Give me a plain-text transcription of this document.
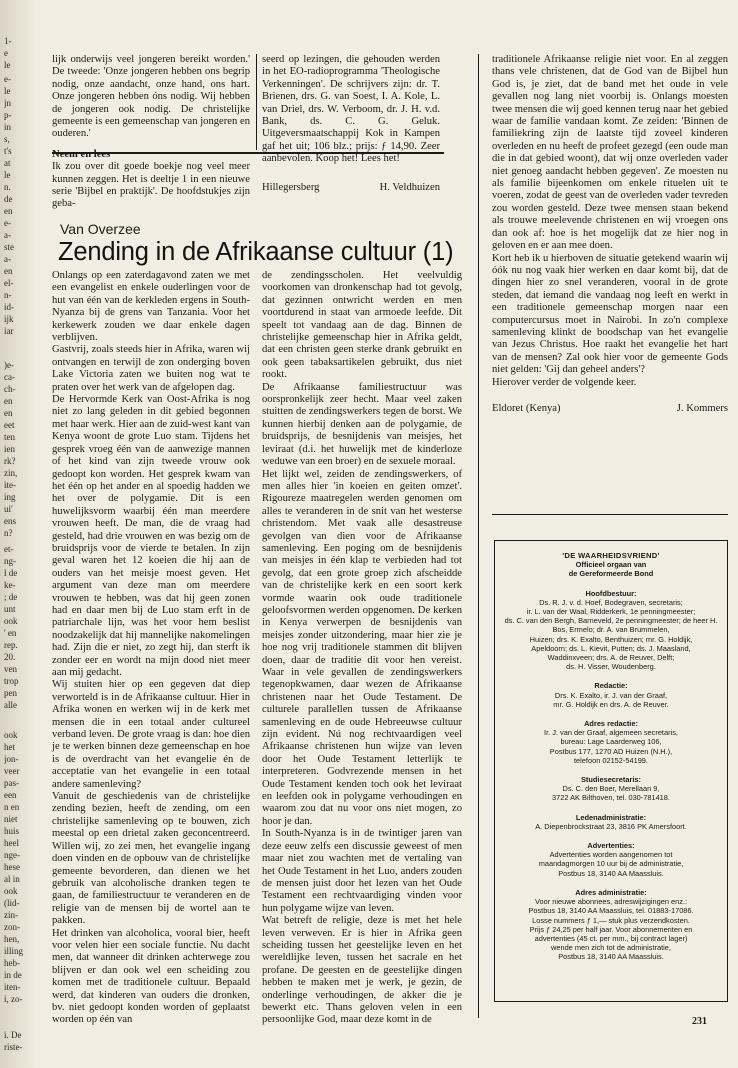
1-
e
le
e-
le
jn
p-
in
s,
t's
at
le
n.
de
en
e-
a-
ste
a-
en
el-
n-
id-
ijk
iar
)e-
ca-
ch-
en
en
eet
ten
ien
rk?
zin,
ite-
ing
ui'
ens
n?
et-
ng-
l de
ke-
; de
unt
ook
' en
rep.
20.
ven
trop
pen
alle
ook
het
jon-
veer
pas-
een
n en
niet
huis
heel
nge-
hese
al in
ook
(lid-
zin-
zon-
hen,
illing
heb-
in de
iten-
i, zo-
i. De
riste-

lijk onderwijs veel jongeren bereikt worden.' De tweede: 'Onze jongeren hebben ons begrip nodig, onze aandacht, onze hand, ons hart. Onze jongeren hebben óns nodig. Wij hebben de jongeren ook nodig. De christelijke gemeente is een gemeenschap van jongeren en ouderen.'

Neem en lees

Ik zou over dit goede boekje nog veel meer kunnen zeggen. Het is deeltje 1 in een nieuwe serie 'Bijbel en praktijk'. De hoofdstukjes zijn geba-

seerd op lezingen, die gehouden werden in het EO-radioprogramma 'Theologische Verkenningen'. De schrijvers zijn: dr. T. Brienen, drs. G. van Soest, I. A. Kole, L. van Driel, drs. W. Verboom, dr. J. H. v.d. Bank, ds. C. G. Geluk. Uitgeversmaatschappij Kok in Kampen gaf het uit; 106 blz.; prijs: ƒ 14,90. Zeer aanbevolen. Koop het! Lees het!

Hillegersberg	H. Veldhuizen
Van Overzee
Zending in de Afrikaanse cultuur (1)

Onlangs op een zaterdagavond zaten we met een evangelist en enkele ouderlingen voor de hut van één van de kerkleden ergens in South-Nyanza bij de grens van Tanzania. Voor het kerkewerk zouden we daar enkele dagen verblijven.

Gastvrij, zoals steeds hier in Afrika, waren wij ontvangen en terwijl de zon onderging boven Lake Victoria zaten we buiten nog wat te praten over het werk van de afgelopen dag.

De Hervormde Kerk van Oost-Afrika is nog niet zo lang geleden in dit gebied begonnen met haar werk. Hier aan de zuid-west kant van Kenya woont de grote Luo stam. Tijdens het gesprek vroeg één van de aanwezige mannen of het kind van zijn tweede vrouw ook gedoopt kon worden. Het gesprek kwam van het één op het ander en al spoedig hadden we het over de polygamie. Dit is een huwelijksvorm waarbij één man meerdere vrouwen heeft. De man, die de vraag had gesteld, had drie vrouwen en was bezig om de bruidsprijs voor de vierde te betalen. In zijn geval waren het 12 koeien die hij aan de ouders van het meisje moest geven. Het argument van deze man om meerdere vrouwen te hebben, was dat hij geen zonen had en daar men bij de Luo stam erft in de patriarchale lijn, was het voor hem beslist noodzakelijk dat hij mannelijke nakomelingen had. Zijn die er niet, zo zegt hij, dan sterft ik zonder eer en wordt na mijn dood niet meer aan mij gedacht.

Wij stuiten hier op een gegeven dat diep verworteld is in de Afrikaanse cultuur. Hier in Afrika wonen en werken wij in de kerk met mensen die in een totaal ander cultureel verband leven. De grote vraag is dan: hoe dien je te werken binnen deze gemeenschap en hoe is de overdracht van het evangelie én de acceptatie van het evangelie in een totaal andere samenleving?

Vanuit de geschiedenis van de christelijke zending bezien, heeft de zending, om een christelijke samenleving op te bouwen, zich meestal op een drietal zaken geconcentreerd. Willen wij, zo zei men, het evangelie ingang doen vinden en de opbouw van de christelijke gemeente bevorderen, dan dienen we het gebruik van alcoholische dranken tegen te gaan, de familiestructuur te veranderen en de religie van de mensen bij de wortel aan te pakken.

Het drinken van alcoholica, vooral bier, heeft voor velen hier een sociale functie. Nu dacht men, dat wanneer dit drinken achterwege zou blijven er dan ook wel een scheiding zou komen met de traditionele cultuur. Bepaald werd, dat kinderen van ouders die dronken, bv. niet gedoopt konden worden of geplaatst worden op één van

de zendingsscholen. Het veelvuldig voorkomen van dronkenschap had tot gevolg, dat gezinnen ontwricht werden en men voortdurend in staat van armoede leefde. Dit speelt tot vandaag aan de dag. Binnen de christelijke gemeenschap hier in Afrika geldt, dat een christen geen sterke drank gebruikt en ook geen tabaksartikelen gebruikt, dus niet rookt.

De Afrikaanse familiestructuur was oorspronkelijk zeer hecht. Maar veel zaken stuitten de zendingswerkers tegen de borst. We kunnen hierbij denken aan de polygamie, de bruidsprijs, de besnijdenis van meisjes, het leviraat (d.i. het huwelijk met de kinderloze weduwe van een broer) en de sexuele moraal.

Het lijkt wel, zeiden de zendingswerkers, of men alles hier 'in koeien en geiten omzet'. Rigoureze maatregelen werden genomen om alles te veranderen in de snit van het westerse christendom. Met vaak alle desastreuse gevolgen van dien voor de Afrikaanse samenleving. Een poging om de besnijdenis van meisjes in één klap te verbieden had tot gevolg, dat een grote groep zich afscheidde van de christelijke kerk en een soort kerk vormde waarin ook oude traditionele geloofsvormen werden opgenomen. De kerken in Kenya verwerpen de besnijdenis van meisjes zonder uitzondering, maar hier zie je hoe nog vrij traditionele stammen dit blijven doen, daar de traditie dit voor hen vereist. Waar in vele gevallen de zendingswerkers tegenopkwamen, daar wezen de Afrikaanse christenen naar het Oude Testament. De culturele parallellen tussen de Afrikaanse samenleving en de oude Hebreeuwse cultuur zijn evident. Nú nog rechtvaardigen veel Afrikaanse christenen hun wijze van leven door het Oude Testament letterlijk te interpreteren. Godvrezende mensen in het Oude Testament kenden toch ook het leviraat en leefden ook in polygame verhoudingen en waarom zou dat nu voor ons niet mogen, zo hoor je dan.

In South-Nyanza is in de twintiger jaren van deze eeuw zelfs een discussie geweest of men maar niet zou wachten met de vertaling van het Oude Testament in het Luo, anders zouden de mensen juist door het lezen van het Oude Testament een rechtvaardiging vinden voor hun polygame wijze van leven.

Wat betreft de religie, deze is met het hele leven verweven. Er is hier in Afrika geen scheiding tussen het geestelijke leven en het wereldlijke leven, tussen het sacrale en het profane. De geesten en de geestelijke dingen hebben te maken met je werk, je gezin, de onderlinge verhoudingen, de akker die je bewerkt etc. Thans geloven velen in een persoonlijke God, maar deze komt in de

traditionele Afrikaanse religie niet voor. En al zeggen thans vele christenen, dat de God van de Bijbel hun God is, je ziet, dat de band met het oude in vele gevallen nog lang niet voorbij is. Onlangs moesten twee mensen die wij goed kennen terug naar het gebied waar de familie vandaan komt. Ze zeiden: 'Binnen de familiekring zijn de laatste tijd zoveel kinderen overleden en nu heeft de profeet gezegd (een oude man die in dat gebied woont), dat wij onze overleden vader niet genoeg aandacht hebben gegeven'. Ze moesten nu als familie bijeenkomen om enkele rituelen uit te voeren, zodat de geest van de overleden vader tevreden zou worden gesteld. Deze twee mensen staan bekend als trouwe meelevende christenen en wij vroegen ons dan ook af: hoe is het mogelijk dat ze hier nog in geloven en er aan mee doen.

Kort heb ik u hierboven de situatie getekend waarin wij óók nu nog vaak hier werken en daar komt bij, dat de dingen hier zo snel veranderen, vooral in de grote steden, dat iemand die vandaag nog leeft en werkt in een traditionele gemeenschap morgen naar een computercursus moet in Nairobi. In zo'n complexe samenleving klinkt de boodschap van het evangelie van Jezus Christus. Hoe raakt het evangelie het hart van de mensen? Zal ook hier voor de gemeente Gods niet gelden: 'Gij dan geheel anders'?

Hierover verder de volgende keer.

Eldoret (Kenya)	J. Kommers
'DE WAARHEIDSVRIEND'
Officieel orgaan van
de Gereformeerde Bond
Hoofdbestuur:
Ds. R. J. v. d. Hoef, Bodegraven, secretaris;
ir. L. van der Waal, Ridderkerk, 1e penningmeester;
ds. C. van den Bergh, Barneveld, 2e penningmeester; de heer H. Bos, Ermelo; dr. A. van Brummelen,
Huizen; drs. K. Exalto, Benthuizen; mr. G. Holdijk,
Apeldoorn; ds. L. Kievit, Putten; ds. J. Maasland,
Waddinxveen; drs. A. de Reuver, Delft;
ds. H. Visser, Woudenberg.
Redactie:
Drs. K. Exalto, ir. J. van der Graaf,
mr. G. Holdijk en drs. A. de Reuver.
Adres redactie:
Ir. J. van der Graaf, algemeen secretaris,
bureau: Lage Laarderweg 106,
Postbus 177, 1270 AD Huizen (N.H.),
telefoon 02152-54199.
Studiesecretaris:
Ds. C. den Boer, Merellaan 9,
3722 AK Bilthoven, tel. 030-781418.
Ledenadministratie:
A. Diepenbrockstraat 23, 3816 PK Amersfoort.
Advertenties:
Advertenties worden aangenomen tot
maandagmorgen 10 uur bij de administratie,
Postbus 18, 3140 AA Maassluis.
Adres administratie:
Voor nieuwe abonnees, adreswijzigingen enz.:
Postbus 18, 3140 AA Maassluis, tel. 01883-17086.
Losse nummers ƒ 1,— stuk plus verzendkosten.
Prijs ƒ 24,25 per half jaar. Voor abonnementen en
advertenties (45 ct. per mm., bij contract lager)
wende men zich tot de administratie,
Postbus 18, 3140 AA Maassluis.
231
